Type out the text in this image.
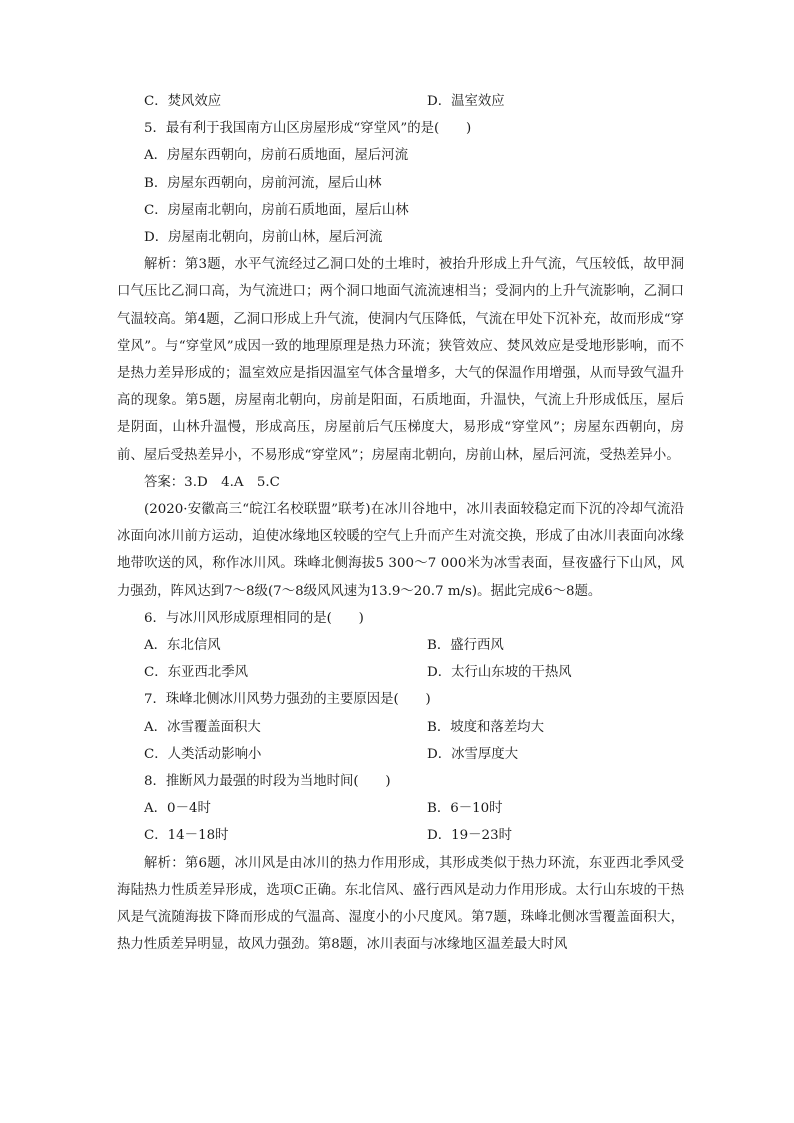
C．焚风效应	D．温室效应
5．最有利于我国南方山区房屋形成“穿堂风”的是(　　)
A．房屋东西朝向，房前石质地面，屋后河流
B．房屋东西朝向，房前河流，屋后山林
C．房屋南北朝向，房前石质地面，屋后山林
D．房屋南北朝向，房前山林，屋后河流
解析：第3题，水平气流经过乙洞口处的土堆时，被抬升形成上升气流，气压较低，故甲洞口气压比乙洞口高，为气流进口；两个洞口地面气流流速相当；受洞内的上升气流影响，乙洞口气温较高。第4题，乙洞口形成上升气流，使洞内气压降低，气流在甲处下沉补充，故而形成“穿堂风”。与“穿堂风”成因一致的地理原理是热力环流；狭管效应、焚风效应是受地形影响，而不是热力差异形成的；温室效应是指因温室气体含量增多，大气的保温作用增强，从而导致气温升高的现象。第5题，房屋南北朝向，房前是阳面，石质地面，升温快，气流上升形成低压，屋后是阴面，山林升温慢，形成高压，房屋前后气压梯度大，易形成“穿堂风”；房屋东西朝向，房前、屋后受热差异小，不易形成“穿堂风”；房屋南北朝向，房前山林，屋后河流，受热差异小。
答案：3.D　4.A　5.C
(2020·安徽高三“皖江名校联盟”联考)在冰川谷地中，冰川表面较稳定而下沉的冷却气流沿冰面向冰川前方运动，迫使冰缘地区较暖的空气上升而产生对流交换，形成了由冰川表面向冰缘地带吹送的风，称作冰川风。珠峰北侧海拔5 300～7 000米为冰雪表面，昼夜盛行下山风，风力强劲，阵风达到7～8级(7～8级风风速为13.9～20.7 m/s)。据此完成6～8题。
6．与冰川风形成原理相同的是(　　)
A．东北信风	B．盛行西风
C．东亚西北季风	D．太行山东坡的干热风
7．珠峰北侧冰川风势力强劲的主要原因是(　　)
A．冰雪覆盖面积大	B．坡度和落差均大
C．人类活动影响小	D．冰雪厚度大
8．推断风力最强的时段为当地时间(　　)
A．0－4时	B．6－10时
C．14－18时	D．19－23时
解析：第6题，冰川风是由冰川的热力作用形成，其形成类似于热力环流，东亚西北季风受海陆热力性质差异形成，选项C正确。东北信风、盛行西风是动力作用形成。太行山东坡的干热风是气流随海拔下降而形成的气温高、湿度小的小尺度风。第7题，珠峰北侧冰雪覆盖面积大，热力性质差异明显，故风力强劲。第8题，冰川表面与冰缘地区温差最大时风
